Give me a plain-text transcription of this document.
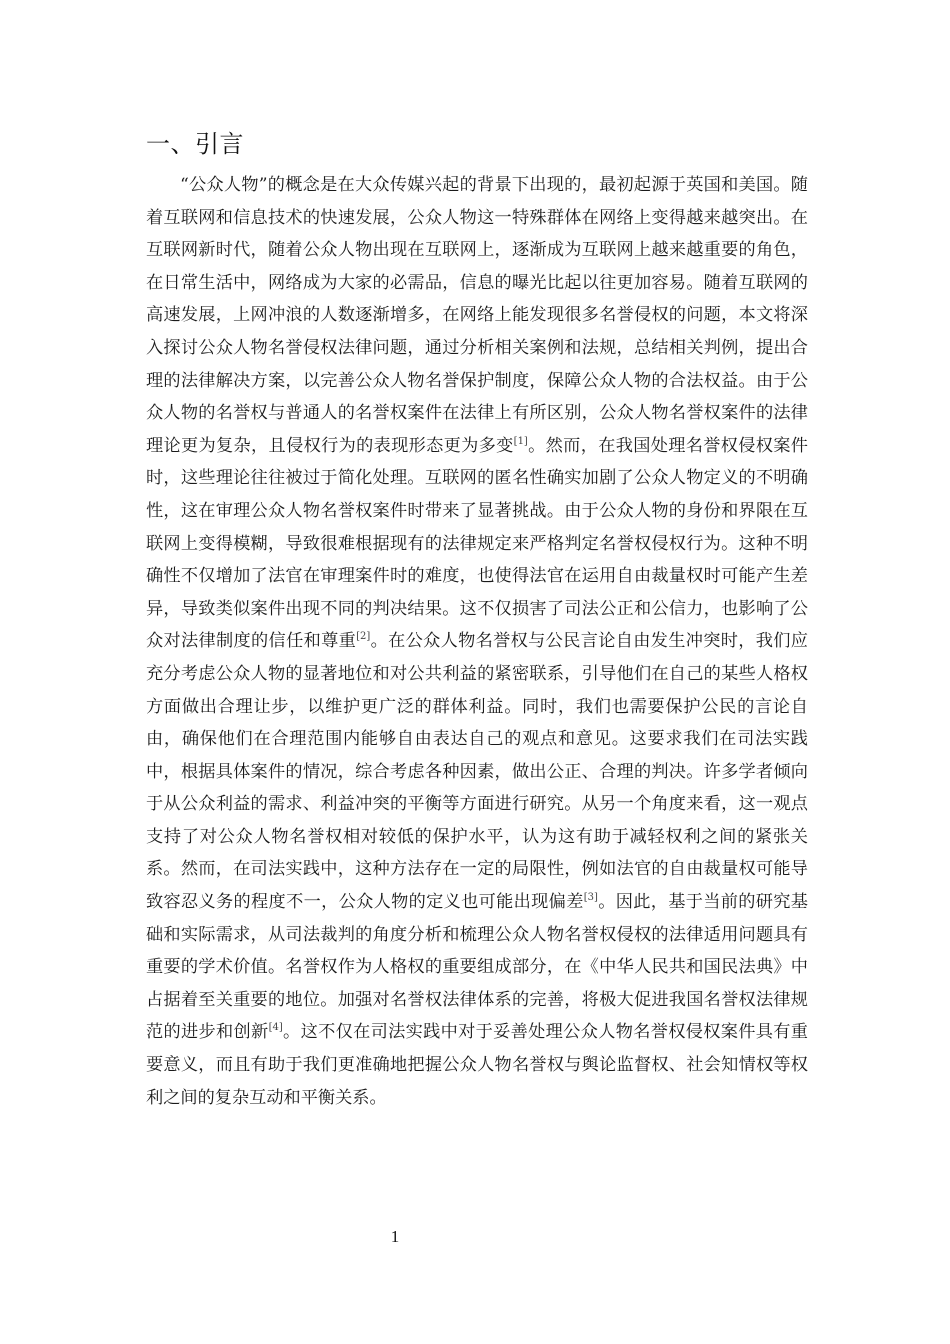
一、引言

“公众人物”的概念是在大众传媒兴起的背景下出现的，最初起源于英国和美国。随着互联网和信息技术的快速发展，公众人物这一特殊群体在网络上变得越来越突出。在互联网新时代，随着公众人物出现在互联网上，逐渐成为互联网上越来越重要的角色，在日常生活中，网络成为大家的必需品，信息的曝光比起以往更加容易。随着互联网的高速发展，上网冲浪的人数逐渐增多，在网络上能发现很多名誉侵权的问题，本文将深入探讨公众人物名誉侵权法律问题，通过分析相关案例和法规，总结相关判例，提出合理的法律解决方案，以完善公众人物名誉保护制度，保障公众人物的合法权益。由于公众人物的名誉权与普通人的名誉权案件在法律上有所区别，公众人物名誉权案件的法律理论更为复杂，且侵权行为的表现形态更为多变[1]。然而，在我国处理名誉权侵权案件时，这些理论往往被过于简化处理。互联网的匿名性确实加剧了公众人物定义的不明确性，这在审理公众人物名誉权案件时带来了显著挑战。由于公众人物的身份和界限在互联网上变得模糊，导致很难根据现有的法律规定来严格判定名誉权侵权行为。这种不明确性不仅增加了法官在审理案件时的难度，也使得法官在运用自由裁量权时可能产生差异，导致类似案件出现不同的判决结果。这不仅损害了司法公正和公信力，也影响了公众对法律制度的信任和尊重[2]。在公众人物名誉权与公民言论自由发生冲突时，我们应充分考虑公众人物的显著地位和对公共利益的紧密联系，引导他们在自己的某些人格权方面做出合理让步，以维护更广泛的群体利益。同时，我们也需要保护公民的言论自由，确保他们在合理范围内能够自由表达自己的观点和意见。这要求我们在司法实践中，根据具体案件的情况，综合考虑各种因素，做出公正、合理的判决。许多学者倾向于从公众利益的需求、利益冲突的平衡等方面进行研究。从另一个角度来看，这一观点支持了对公众人物名誉权相对较低的保护水平，认为这有助于减轻权利之间的紧张关系。然而，在司法实践中，这种方法存在一定的局限性，例如法官的自由裁量权可能导致容忍义务的程度不一，公众人物的定义也可能出现偏差[3]。因此，基于当前的研究基础和实际需求，从司法裁判的角度分析和梳理公众人物名誉权侵权的法律适用问题具有重要的学术价值。名誉权作为人格权的重要组成部分，在《中华人民共和国民法典》中占据着至关重要的地位。加强对名誉权法律体系的完善，将极大促进我国名誉权法律规范的进步和创新[4]。这不仅在司法实践中对于妥善处理公众人物名誉权侵权案件具有重要意义，而且有助于我们更准确地把握公众人物名誉权与舆论监督权、社会知情权等权利之间的复杂互动和平衡关系。

1
